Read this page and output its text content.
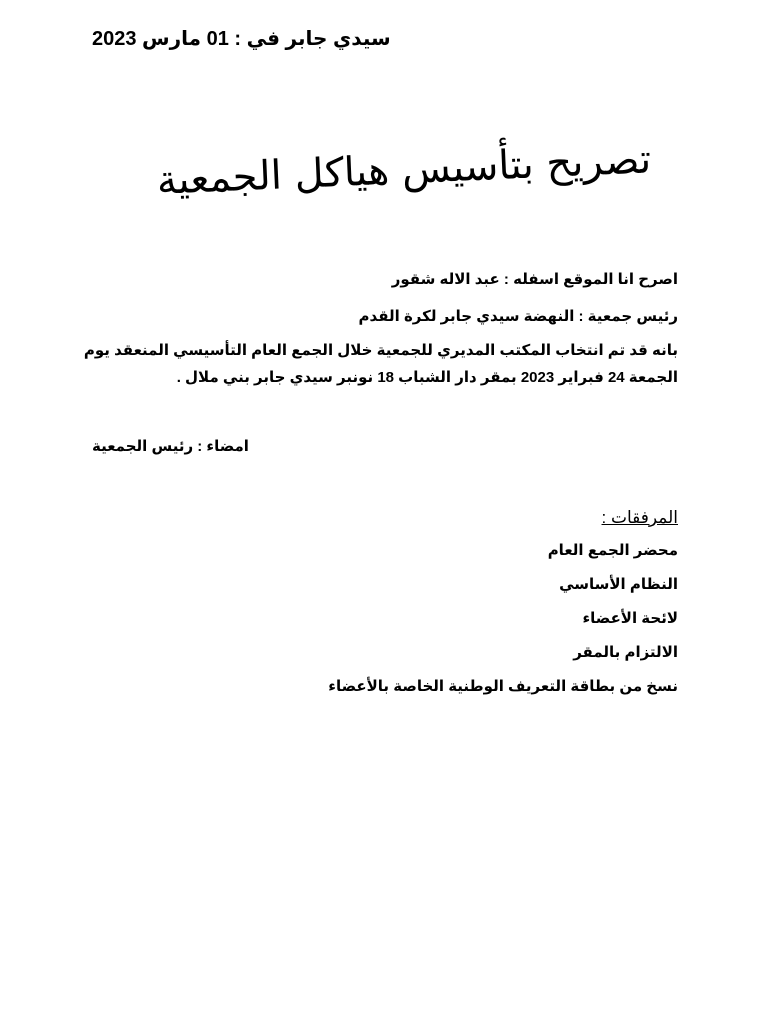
سيدي جابر في : 01 مارس 2023
تصريح بتأسيس هياكل الجمعية
اصرح انا الموقع اسفله : عبد الاله شقور
رئيس جمعية : النهضة سيدي جابر لكرة القدم
بانه قد تم انتخاب المكتب المديري للجمعية خلال الجمع العام التأسيسي المنعقد يوم
الجمعة 24 فبراير 2023 بمقر دار الشباب 18 نونبر سيدي جابر بني ملال .
امضاء : رئيس الجمعية
المرفقات :
محضر الجمع العام
النظام الأساسي
لائحة الأعضاء
الالتزام بالمقر
نسخ من بطاقة التعريف الوطنية الخاصة بالأعضاء
